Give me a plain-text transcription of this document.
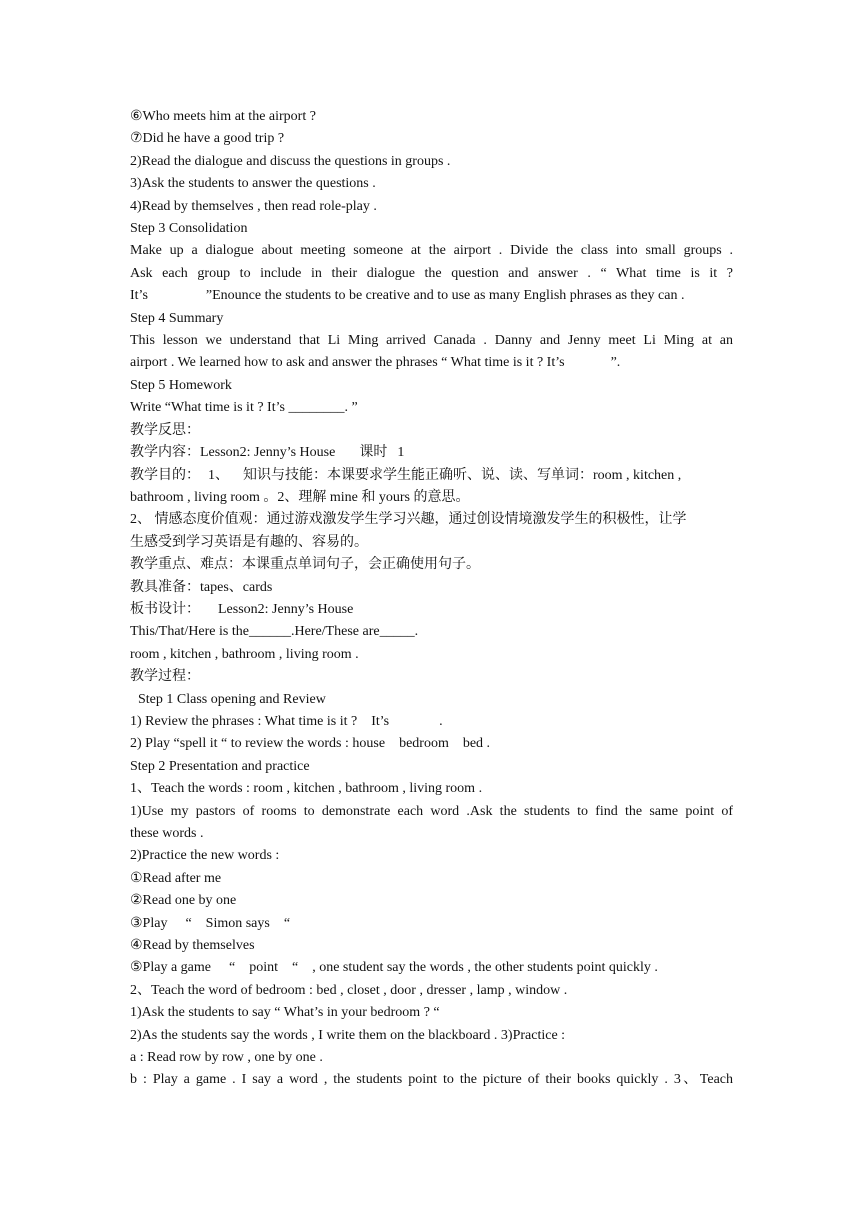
⑥Who meets him at the airport ?
⑦Did he have a good trip ?
2)Read the dialogue and discuss the questions in groups .
3)Ask the students to answer the questions .
4)Read by themselves , then read role-play .
Step 3 Consolidation
Make up a dialogue about meeting someone at the airport . Divide the class into small groups .
Ask each group to include in their dialogue the question and answer . “ What time is it ?
It’s	”Enounce the students to be creative and to use as many English phrases as they can .
Step 4 Summary
This lesson we understand that Li Ming arrived Canada . Danny and Jenny meet Li Ming at an
airport . We learned how to ask and answer the phrases “ What time is it ? It’s	”.
Step 5 Homework
Write “What time is it ? It’s ________. ”
教学反思：
教学内容：Lesson2: Jenny’s House 课时 1
教学目的： 1、 知识与技能：本课要求学生能正确听、说、读、写单词：room , kitchen ,
bathroom , living room 。2、理解 mine 和 yours 的意思。
2、 情感态度价值观：通过游戏激发学生学习兴趣，通过创设情境激发学生的积极性，让学
生感受到学习英语是有趣的、容易的。
教学重点、难点：本课重点单词句子，会正确使用句子。
教具准备：tapes、cards
板书设计： Lesson2: Jenny’s House
This/That/Here is the______.Here/These are_____.
room , kitchen , bathroom , living room .
教学过程：
Step 1 Class opening and Review
1) Review the phrases : What time is it ? It’s	.
2) Play “spell it “ to review the words : house bedroom bed .
Step 2 Presentation and practice
1、Teach the words : room , kitchen , bathroom , living room .
1)Use my pastors of rooms to demonstrate each word .Ask the students to find the same point of
these words .
2)Practice the new words :
①Read after me
②Read one by one
③Play “ Simon says “
④Read by themselves
⑤Play a game “ point “ , one student say the words , the other students point quickly .
2、Teach the word of bedroom : bed , closet , door , dresser , lamp , window .
1)Ask the students to say “ What’s in your bedroom ? “
2)As the students say the words , I write them on the blackboard . 3)Practice :
a : Read row by row , one by one .
b : Play a game . I say a word , the students point to the picture of their books quickly . 3、Teach
